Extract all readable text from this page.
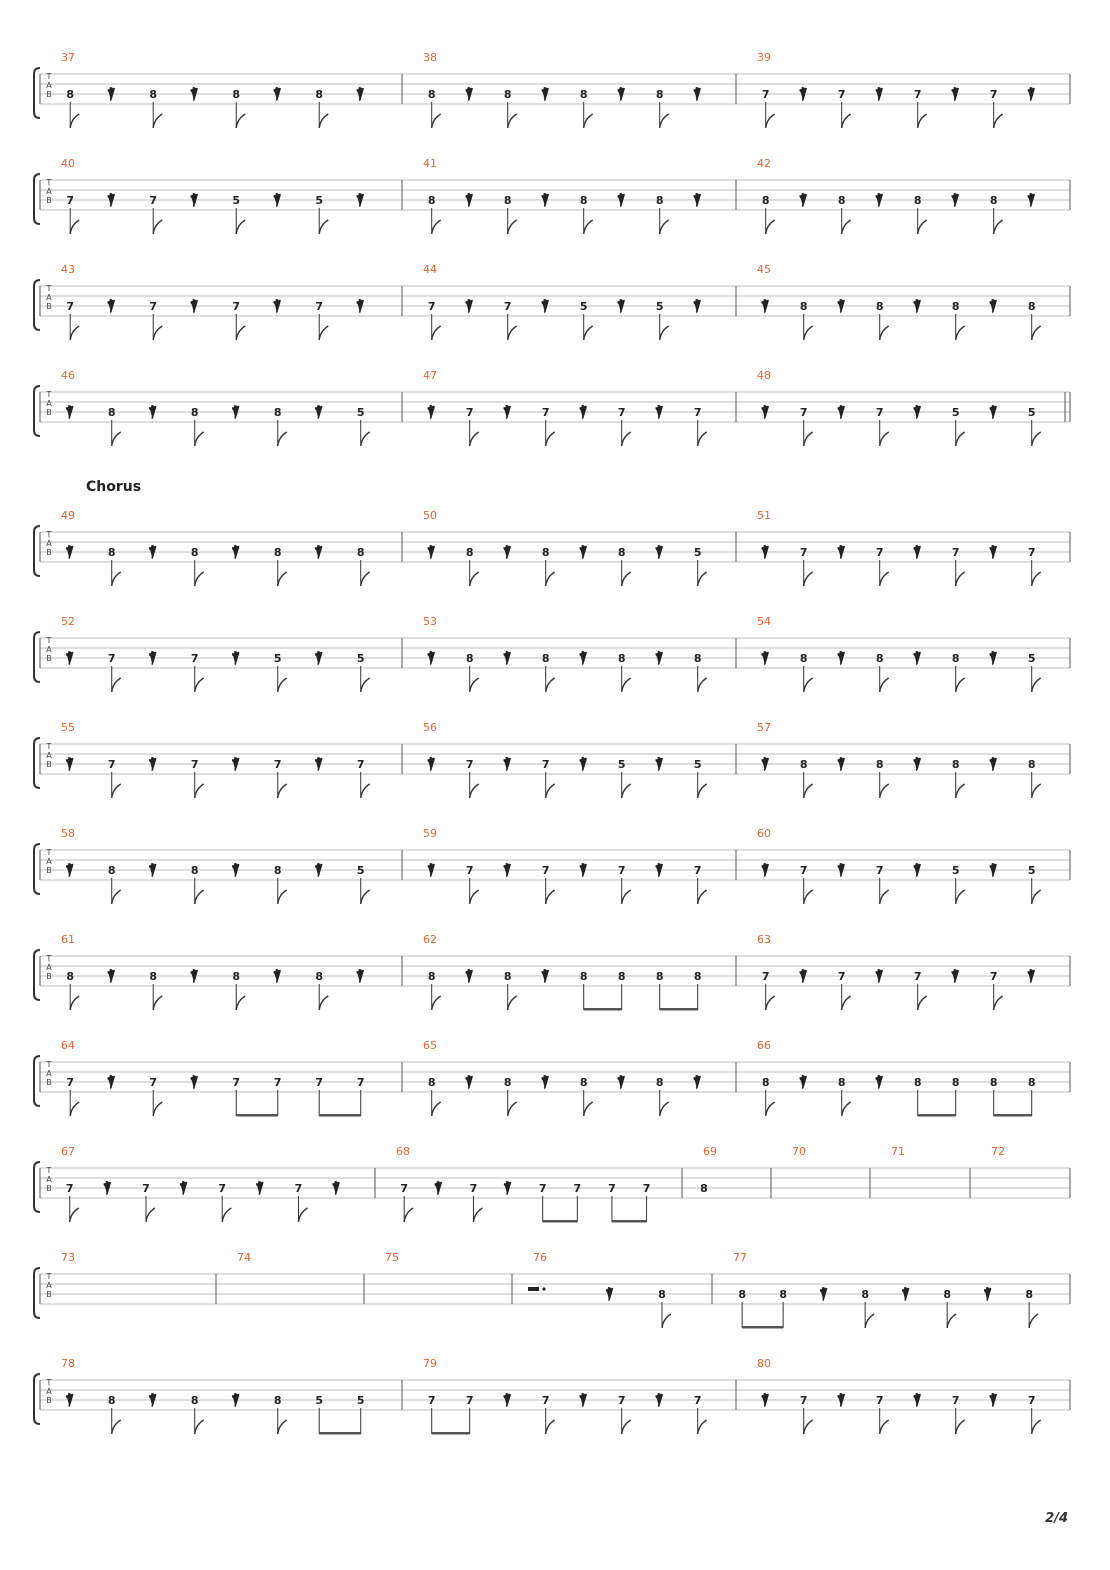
T
A
B
37
8	8	8	8
38
8	8	8	8
39
7	7	7	7
T
A
B
40
7	7	5	5
41
8	8	8	8
42
8	8	8	8
T
A
B
43
7	7	7	7
44
7	7	5	5
45
8	8	8	8
T
A
B
46
8	8	8	5
47
7	7	7	7
48
7	7	5	5
T
A
B
49
8	8	8	8
50
8	8	8	5
51
7	7	7	7
T
A
B
52
7	7	5	5
53
8	8	8	8
54
8	8	8	5
T
A
B
55
7	7	7	7
56
7	7	5	5
57
8	8	8	8
T
A
B
58
8	8	8	5
59
7	7	7	7
60
7	7	5	5
T
A
B
61
8	8	8	8
62
8	8	8	8	8	8
63
7	7	7	7
T
A
B
64
7	7	7	7	7	7
65
8	8	8	8
66
8	8	8	8	8	8
T
A
B
67
7	7	7	7
68
7	7	7 7 7 7
69
8
70	71	72
T
A
B
73	74	75	76
8
77
8	8	8	8	8
T
A
B
78
8	8	8	5	5
79
7	7	7	7	7
80
7	7	7	7
Chorus
2/4
